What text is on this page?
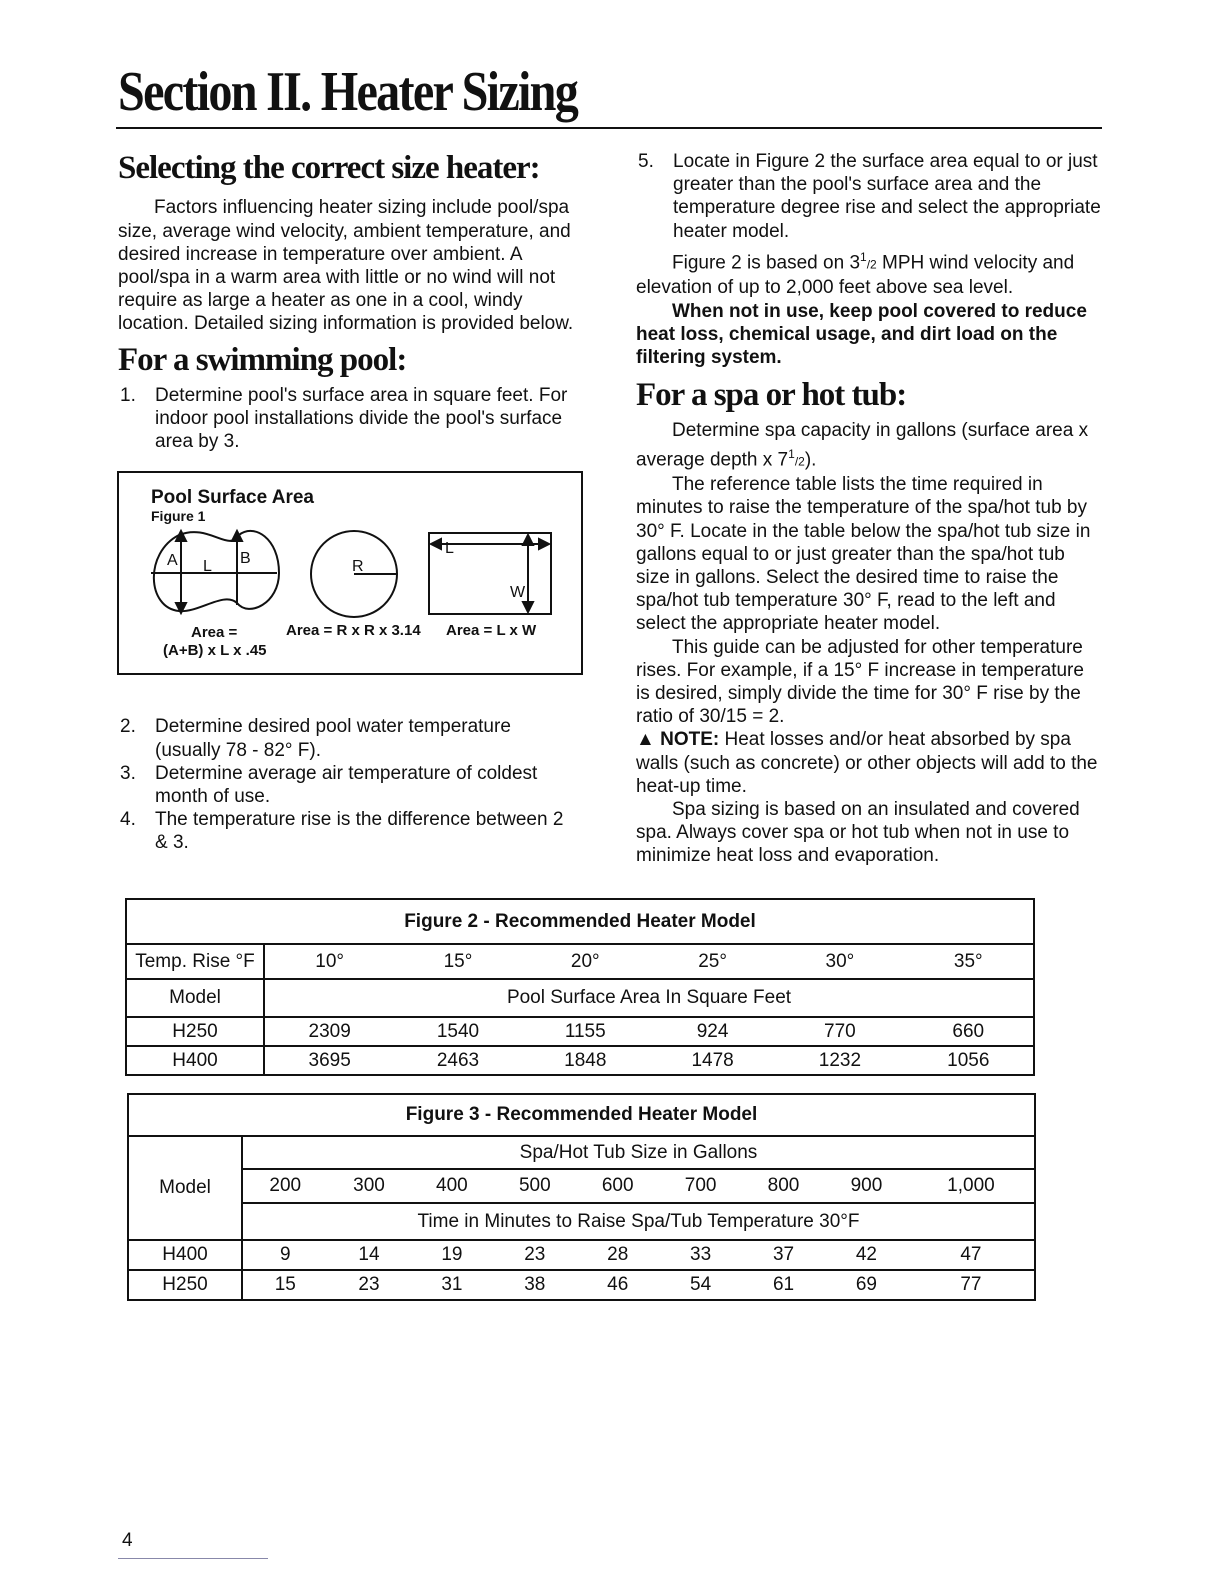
Section II. Heater Sizing
Selecting the correct size heater:

Factors influencing heater sizing include pool/spa size, average wind velocity, ambient temperature, and desired increase in temperature over ambient. A pool/spa in a warm area with little or no wind will not require as large a heater as one in a cool, windy location. Detailed sizing information is provided below.

For a swimming pool:
1. Determine pool's surface area in square feet. For indoor pool installations divide the pool's surface area by 3.
2. Determine desired pool water temperature (usually 78 - 82° F).
3. Determine average air temperature of coldest month of use.
4. The temperature rise is the difference between 2 & 3.
Pool Surface Area
Figure 1
A L B	R
L
W
Area =
(A+B) x L x .45
Area = R x R x 3.14 Area = L x W
5. Locate in Figure 2 the surface area equal to or just greater than the pool's surface area and the temperature degree rise and select the appropriate heater model.

Figure 2 is based on $3^1/2$ MPH wind velocity and elevation of up to 2,000 feet above sea level.

When not in use, keep pool covered to reduce heat loss, chemical usage, and dirt load on the filtering system.

For a spa or hot tub:

Determine spa capacity in gallons (surface area x average depth x $7^1/2$).

The reference table lists the time required in minutes to raise the temperature of the spa/hot tub by 30° F. Locate in the table below the spa/hot tub size in gallons equal to or just greater than the spa/hot tub size in gallons. Select the desired time to raise the spa/hot tub temperature 30° F, read to the left and select the appropriate heater model.

This guide can be adjusted for other temperature rises. For example, if a 15° F increase in temperature is desired, simply divide the time for 30° F rise by the ratio of 30/15 = 2.

▲ NOTE: Heat losses and/or heat absorbed by spa walls (such as concrete) or other objects will add to the heat-up time.

Spa sizing is based on an insulated and covered spa. Always cover spa or hot tub when not in use to minimize heat loss and evaporation.

Figure 2 - Recommended Heater Model						
Temp. Rise °F	10°	15°	20°	25°	30°	35°
Model	Pool Surface Area In Square Feet					
H250	2309	1540	1155	924	770	660
H400	3695	2463	1848	1478	1232	1056
Figure 3 - Recommended Heater Model									
Model	Spa/Hot Tub Size in Gallons								
	200	300	400	500	600	700	800	900	1,000
	Time in Minutes to Raise Spa/Tub Temperature 30°F								
H400	9	14	19	23	28	33	37	42	47
H250	15	23	31	38	46	54	61	69	77
4
